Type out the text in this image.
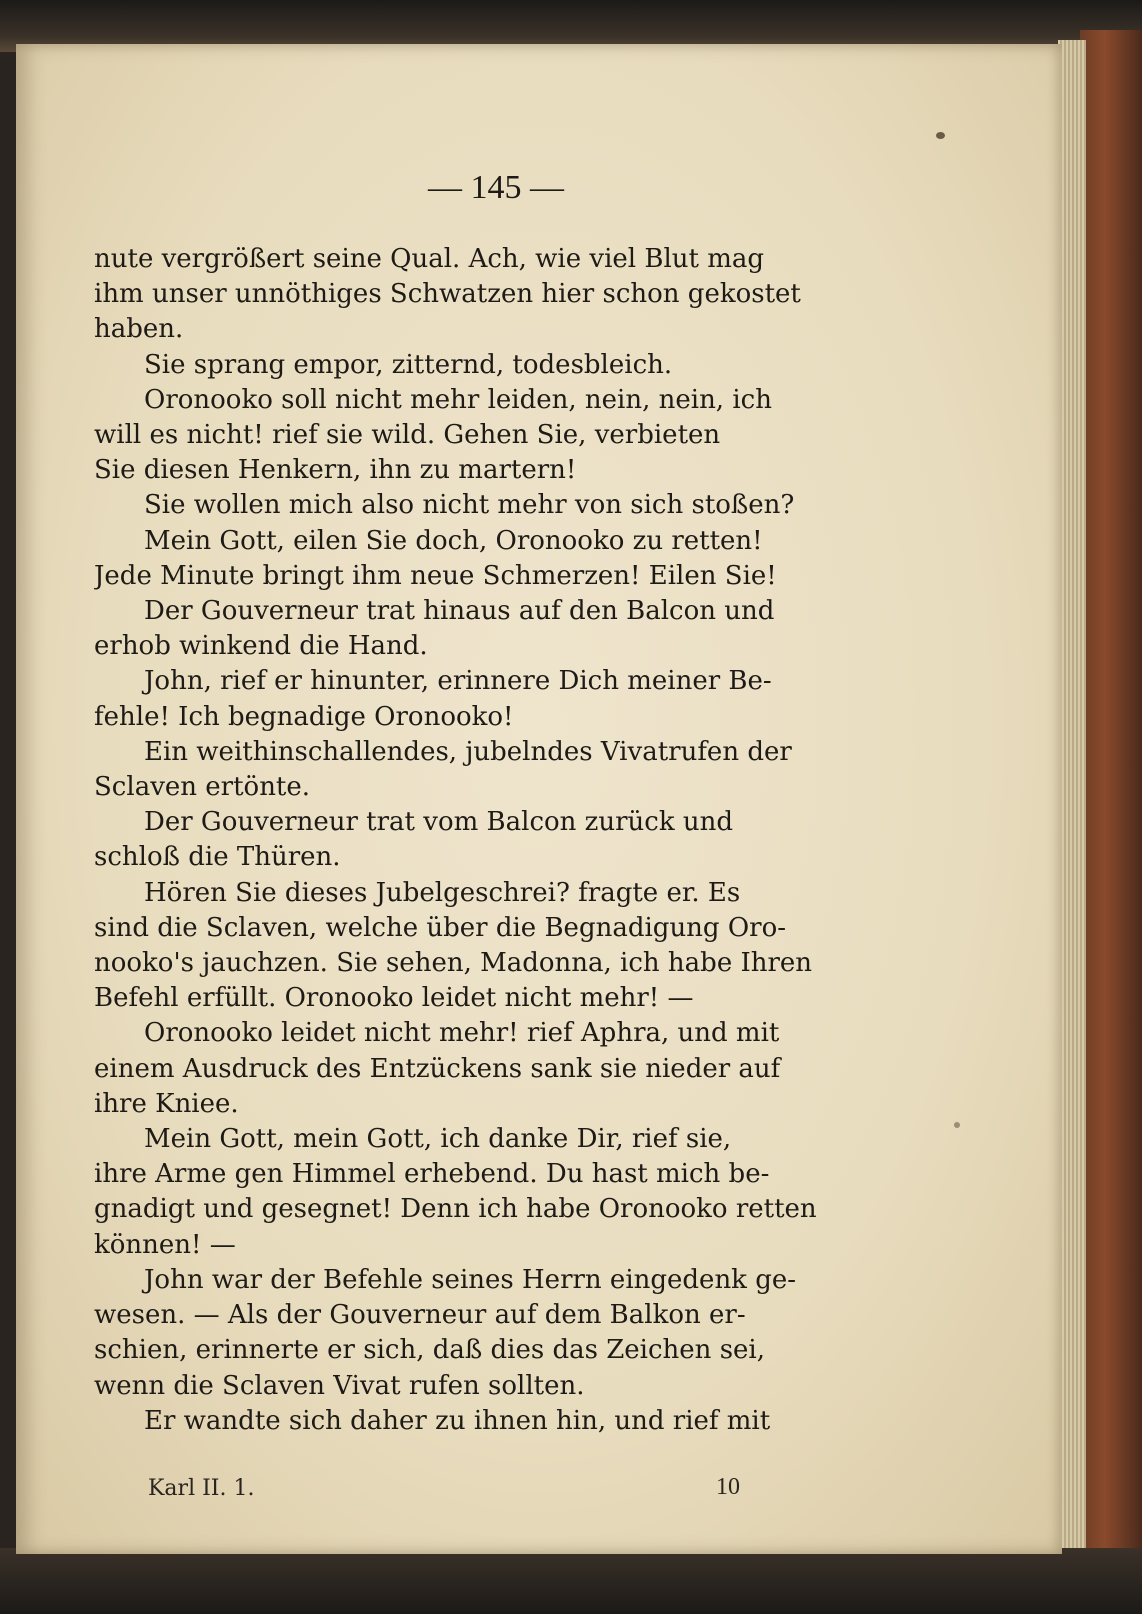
— 145 —
nute vergrößert seine Qual. Ach, wie viel Blut mag
ihm unser unnöthiges Schwatzen hier schon gekostet
haben.
Sie sprang empor, zitternd, todesbleich.
Oronooko soll nicht mehr leiden, nein, nein, ich
will es nicht! rief sie wild. Gehen Sie, verbieten
Sie diesen Henkern, ihn zu martern!
Sie wollen mich also nicht mehr von sich stoßen?
Mein Gott, eilen Sie doch, Oronooko zu retten!
Jede Minute bringt ihm neue Schmerzen! Eilen Sie!
Der Gouverneur trat hinaus auf den Balcon und
erhob winkend die Hand.
John, rief er hinunter, erinnere Dich meiner Be-
fehle! Ich begnadige Oronooko!
Ein weithinschallendes, jubelndes Vivatrufen der
Sclaven ertönte.
Der Gouverneur trat vom Balcon zurück und
schloß die Thüren.
Hören Sie dieses Jubelgeschrei? fragte er. Es
sind die Sclaven, welche über die Begnadigung Oro-
nooko's jauchzen. Sie sehen, Madonna, ich habe Ihren
Befehl erfüllt. Oronooko leidet nicht mehr! —
Oronooko leidet nicht mehr! rief Aphra, und mit
einem Ausdruck des Entzückens sank sie nieder auf
ihre Kniee.
Mein Gott, mein Gott, ich danke Dir, rief sie,
ihre Arme gen Himmel erhebend. Du hast mich be-
gnadigt und gesegnet! Denn ich habe Oronooko retten
können! —
John war der Befehle seines Herrn eingedenk ge-
wesen. — Als der Gouverneur auf dem Balkon er-
schien, erinnerte er sich, daß dies das Zeichen sei,
wenn die Sclaven Vivat rufen sollten.
Er wandte sich daher zu ihnen hin, und rief mit
Karl II. 1.	10
